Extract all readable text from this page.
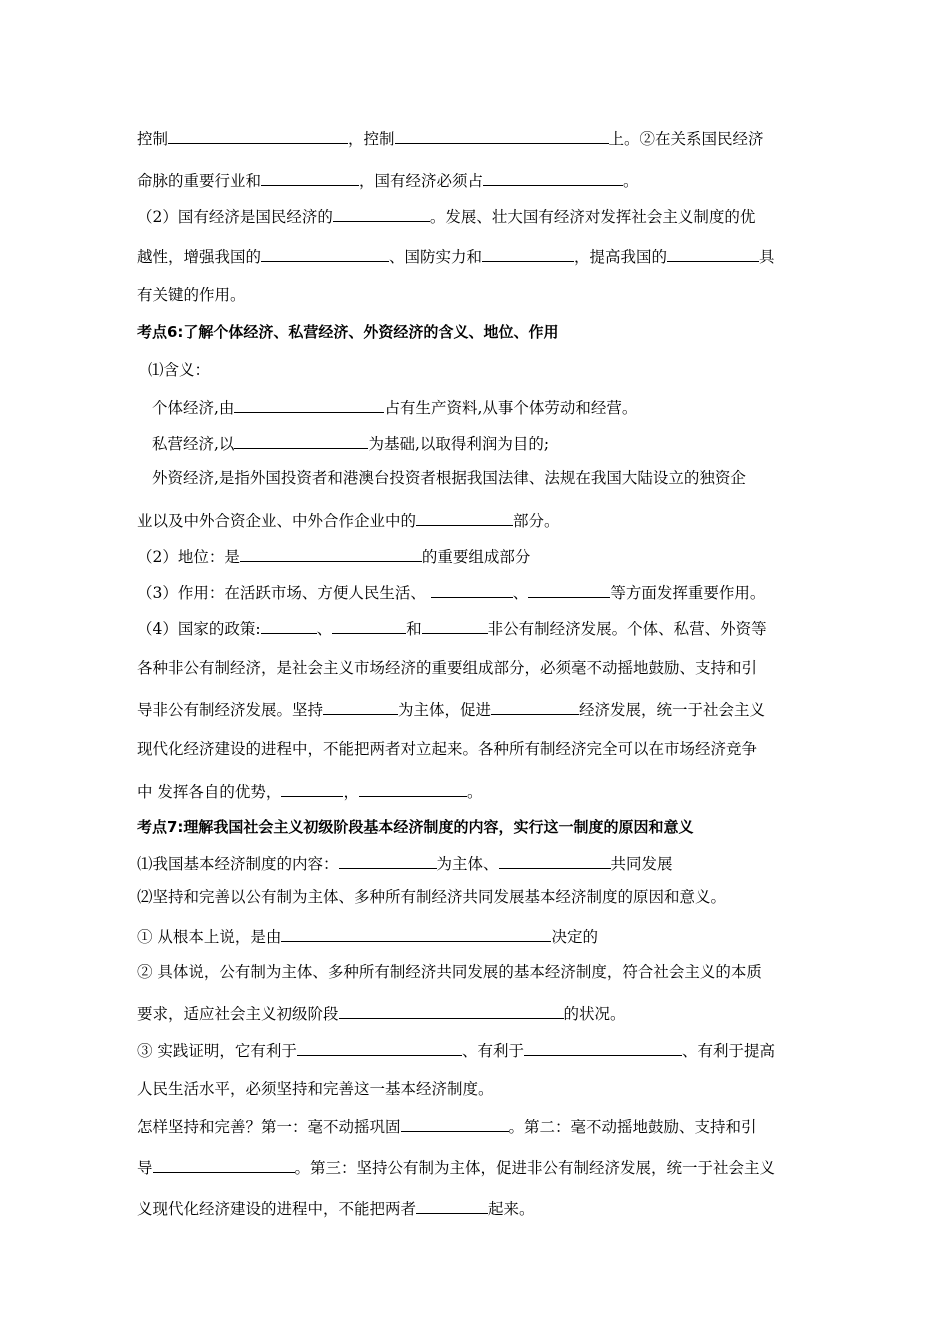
控制	，控制	上。②在关系国民经济
命脉的重要行业和	，国有经济必须占	。
（2）国有经济是国民经济的	。发展、壮大国有经济对发挥社会主义制度的优
越性，增强我国的	、国防实力和	，提高我国的	具
有关键的作用。
考点6:了解个体经济、私营经济、外资经济的含义、地位、作用
⑴含义：
个体经济,由	占有生产资料,从事个体劳动和经营。
私营经济,以	为基础,以取得利润为目的;
外资经济,是指外国投资者和港澳台投资者根据我国法律、法规在我国大陆设立的独资企
业以及中外合资企业、中外合作企业中的	部分。
（2）地位：是	的重要组成部分
（3）作用：在活跃市场、方便人民生活、	、	等方面发挥重要作用。
（4）国家的政策:	、	和	非公有制经济发展。个体、私营、外资等
各种非公有制经济，是社会主义市场经济的重要组成部分，必须毫不动摇地鼓励、支持和引
导非公有制经济发展。坚持	为主体，促进	经济发展，统一于社会主义
现代化经济建设的进程中，不能把两者对立起来。各种所有制经济完全可以在市场经济竞争
中 发挥各自的优势，	，	。
考点7:理解我国社会主义初级阶段基本经济制度的内容，实行这一制度的原因和意义
⑴我国基本经济制度的内容：	为主体、	共同发展
⑵坚持和完善以公有制为主体、多种所有制经济共同发展基本经济制度的原因和意义。
① 从根本上说，是由	决定的
② 具体说，公有制为主体、多种所有制经济共同发展的基本经济制度，符合社会主义的本质
要求，适应社会主义初级阶段	的状况。
③ 实践证明，它有利于	、有利于	、有利于提高
人民生活水平，必须坚持和完善这一基本经济制度。
怎样坚持和完善？第一：毫不动摇巩固	。第二：毫不动摇地鼓励、支持和引
导	。第三：坚持公有制为主体，促进非公有制经济发展，统一于社会主义
义现代化经济建设的进程中，不能把两者	起来。
